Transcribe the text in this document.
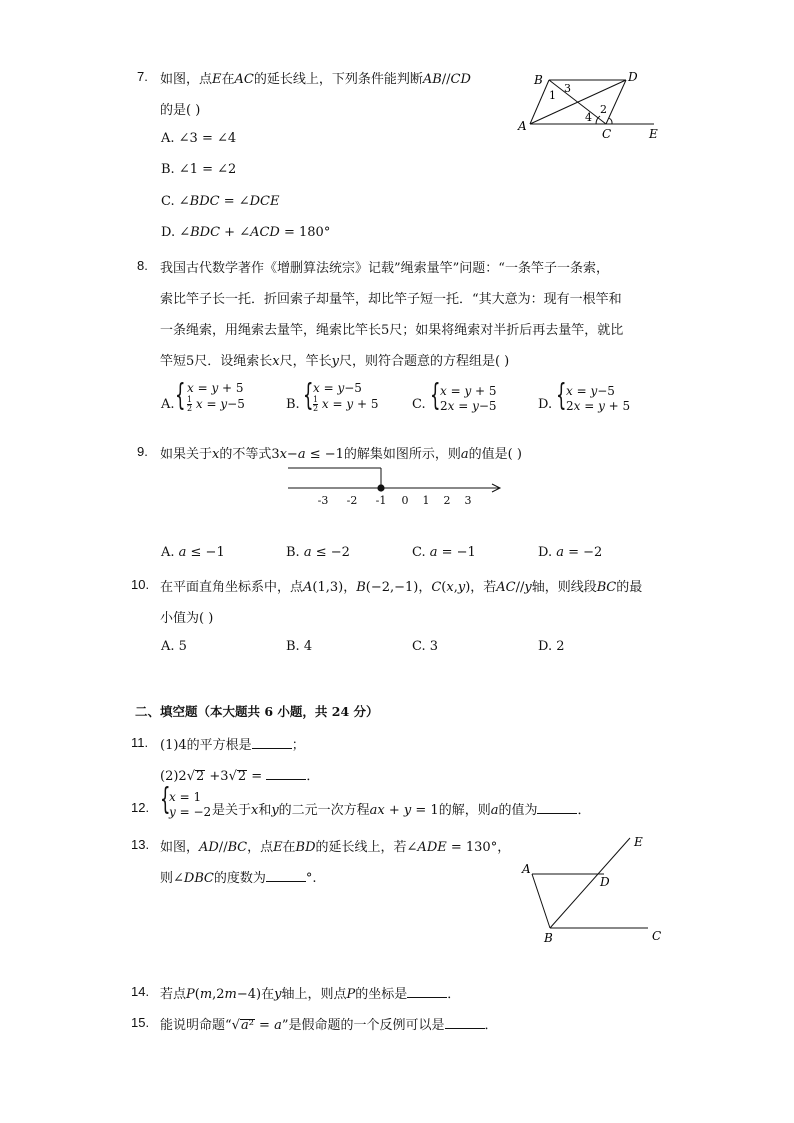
7. 如图，点𝐸在𝐴𝐶的延长线上，下列条件能判断𝐴𝐵//𝐶𝐷
的是( )
A. ∠3 = ∠4
B. ∠1 = ∠2
C. ∠𝐵𝐷𝐶 = ∠𝐷𝐶𝐸
D. ∠𝐵𝐷𝐶 + ∠𝐴𝐶𝐷 = 180°
B	D
A
C	E
1
3
2
4
8. 我国古代数学著作《增删算法统宗》记载”绳索量竿”问题：“一条竿子一条索，
索比竿子长一托．折回索子却量竿，却比竿子短一托．“其大意为：现有一根竿和
一条绳索，用绳索去量竿，绳索比竿长5尺；如果将绳索对半折后再去量竿，就比
竿短5尺．设绳索长𝑥尺，竿长𝑦尺，则符合题意的方程组是( )
A. { 𝑥 = 𝑦 + 5
$\frac{1}{2}$ 𝑥 = 𝑦−5	B. { 𝑥 = 𝑦−5
$\frac{1}{2}$ 𝑥 = 𝑦 + 5	C. { 𝑥 = 𝑦 + 5
2𝑥 = 𝑦−5	D. { 𝑥 = 𝑦−5
2𝑥 = 𝑦 + 5
9. 如果关于𝑥的不等式3𝑥−𝑎 ≤ −1的解集如图所示，则𝑎的值是( )
-3 -2 -1 0 1 2 3
A. 𝑎 ≤ −1	B. 𝑎 ≤ −2	C. 𝑎 = −1	D. 𝑎 = −2
10. 在平面直角坐标系中，点𝐴(1,3)，𝐵(−2,−1)，𝐶(𝑥,𝑦)，若𝐴𝐶//𝑦轴，则线段𝐵𝐶的最
小值为( )
A. 5	B. 4	C. 3	D. 2
二、填空题（本大题共 6 小题，共 24 分）
11. (1)4的平方根是	；
(2)2√2 +3√2 =	．
12. {
𝑥 = 1
𝑦 = −2 是关于𝑥和𝑦的二元一次方程𝑎𝑥 + 𝑦 = 1的解，则𝑎的值为	．
13. 如图，𝐴𝐷//𝐵𝐶，点𝐸在𝐵𝐷的延长线上，若∠𝐴𝐷𝐸 = 130°，
则∠𝐷𝐵𝐶的度数为	°.
E
A
D
B	C
14. 若点𝑃(𝑚,2𝑚−4)在𝑦轴上，则点𝑃的坐标是	．
15. 能说明命题“√𝑎² = 𝑎”是假命题的一个反例可以是	．
